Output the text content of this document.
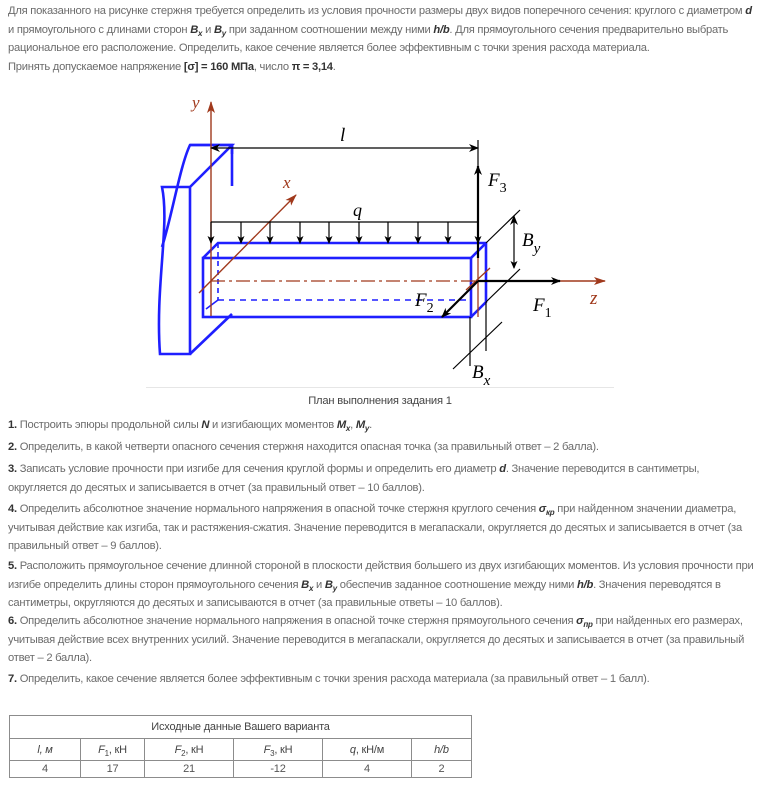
Для показанного на рисунке стержня требуется определить из условия прочности размеры двух видов поперечного сечения: круглого с диаметром d
и прямоугольного с длинами сторон $B_x$ и $B_y$ при заданном соотношении между ними h/b. Для прямоугольного сечения предварительно выбрать рациональное его расположение. Определить, какое сечение является более эффективным с точки зрения расхода материала.
Принять допускаемое напряжение [σ] = 160 МПа, число π = 3,14.
y
x
z
l
q
$F_3$
$F_1$
$F_2$
$B_y$
$B_x$
План выполнения задания 1
1. Построить эпюры продольной силы N и изгибающих моментов $M_x$, $M_y$.
2. Определить, в какой четверти опасного сечения стержня находится опасная точка (за правильный ответ – 2 балла).
3. Записать условие прочности при изгибе для сечения круглой формы и определить его диаметр d. Значение переводится в сантиметры, округляется до десятых и записывается в отчет (за правильный ответ – 10 баллов).
4. Определить абсолютное значение нормального напряжения в опасной точке стержня круглого сечения $\sigma_{кр}$ при найденном значении диаметра, учитывая действие как изгиба, так и растяжения-сжатия. Значение переводится в мегапаскали, округляется до десятых и записывается в отчет (за правильный ответ – 9 баллов).
5. Расположить прямоугольное сечение длинной стороной в плоскости действия большего из двух изгибающих моментов. Из условия прочности при изгибе определить длины сторон прямоугольного сечения $B_x$ и $B_y$ обеспечив заданное соотношение между ними h/b. Значения переводятся в сантиметры, округляются до десятых и записываются в отчет (за правильные ответы – 10 баллов).
6. Определить абсолютное значение нормального напряжения в опасной точке стержня прямоугольного сечения $\sigma_{пр}$ при найденных его размерах, учитывая действие всех внутренних усилий. Значение переводится в мегапаскали, округляется до десятых и записывается в отчет (за правильный ответ – 2 балла).
7. Определить, какое сечение является более эффективным с точки зрения расхода материала (за правильный ответ – 1 балл).
Исходные данные Вашего варианта					
l, м	$F_1$, кН	$F_2$, кН	$F_3$, кН	q, кН/м	h/b
4	17	21	-12	4	2
